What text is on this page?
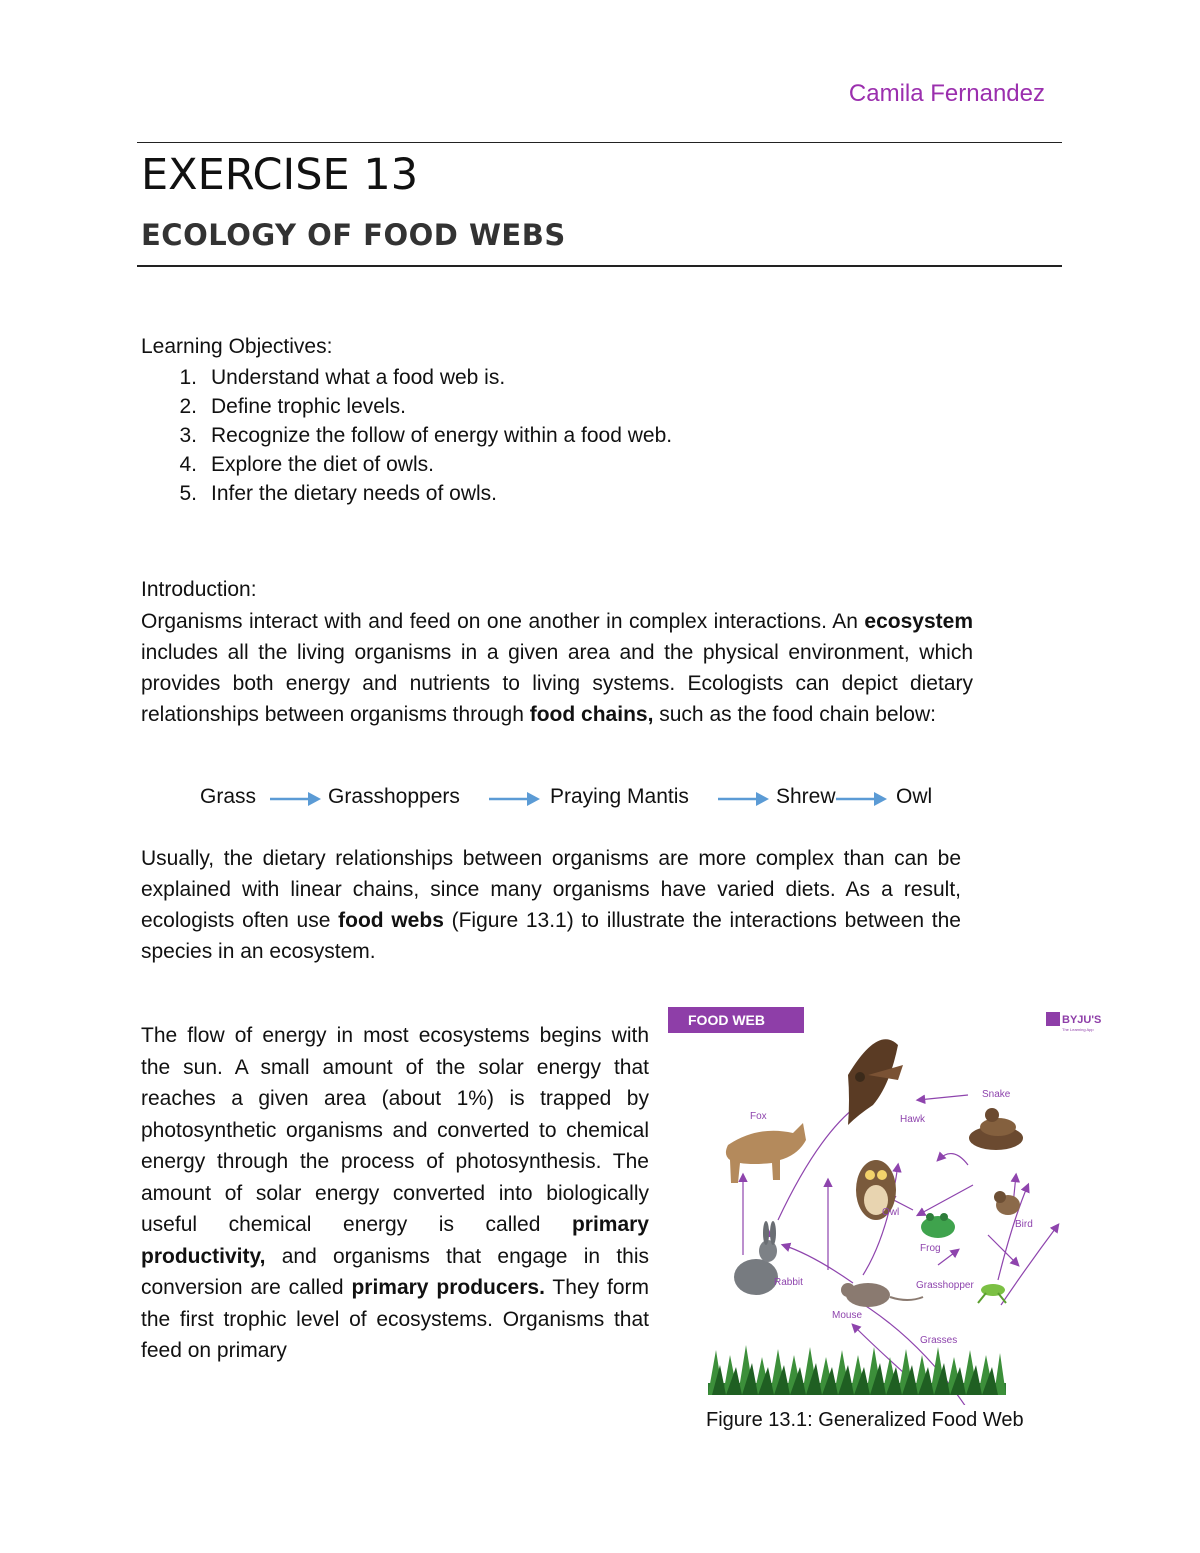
Camila Fernandez
EXERCISE 13
ECOLOGY OF FOOD WEBS
Learning Objectives:
1. Understand what a food web is.
2. Define trophic levels.
3. Recognize the follow of energy within a food web.
4. Explore the diet of owls.
5. Infer the dietary needs of owls.
Introduction:
Organisms interact with and feed on one another in complex interactions. An ecosystem includes all the living organisms in a given area and the physical environment, which provides both energy and nutrients to living systems. Ecologists can depict dietary relationships between organisms through food chains, such as the food chain below:
Grass	Grasshoppers	Praying Mantis	Shrew	Owl
Usually, the dietary relationships between organisms are more complex than can be explained with linear chains, since many organisms have varied diets. As a result, ecologists often use food webs (Figure 13.1) to illustrate the interactions between the species in an ecosystem.
The flow of energy in most ecosystems begins with the sun. A small amount of the solar energy that reaches a given area (about 1%) is trapped by photosynthetic organisms and converted to chemical energy through the process of photosynthesis. The amount of solar energy converted into biologically useful chemical energy is called primary productivity, and organisms that engage in this conversion are called primary producers. They form the first trophic level of ecosystems. Organisms that feed on primary
FOOD WEB	BYJU'S
The Learning App
Hawk
Snake
Fox
Owl
Bird
Frog
Rabbit	Grasshopper
Mouse
Grasses
Figure 13.1: Generalized Food Web
